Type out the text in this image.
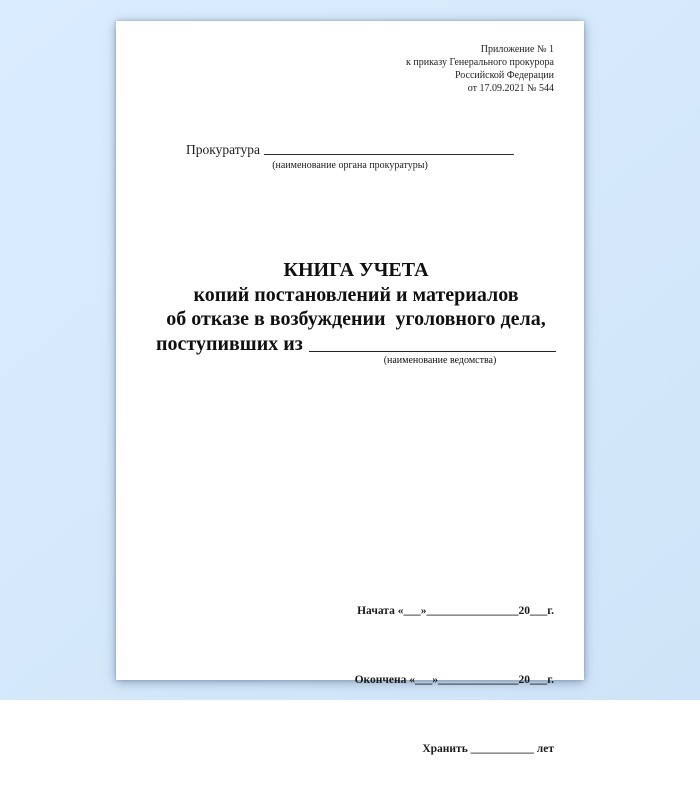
Приложение № 1
к приказу Генерального прокурора
Российской Федерации
от 17.09.2021 № 544
Прокуратура
(наименование органа прокуратуры)
КНИГА УЧЕТА
копий постановлений и материалов
об отказе в возбуждении  уголовного дела,
поступивших из
(наименование ведомства)

Начата «___»________________20___г.

Окончена «___»______________20___г.

Хранить ___________ лет
